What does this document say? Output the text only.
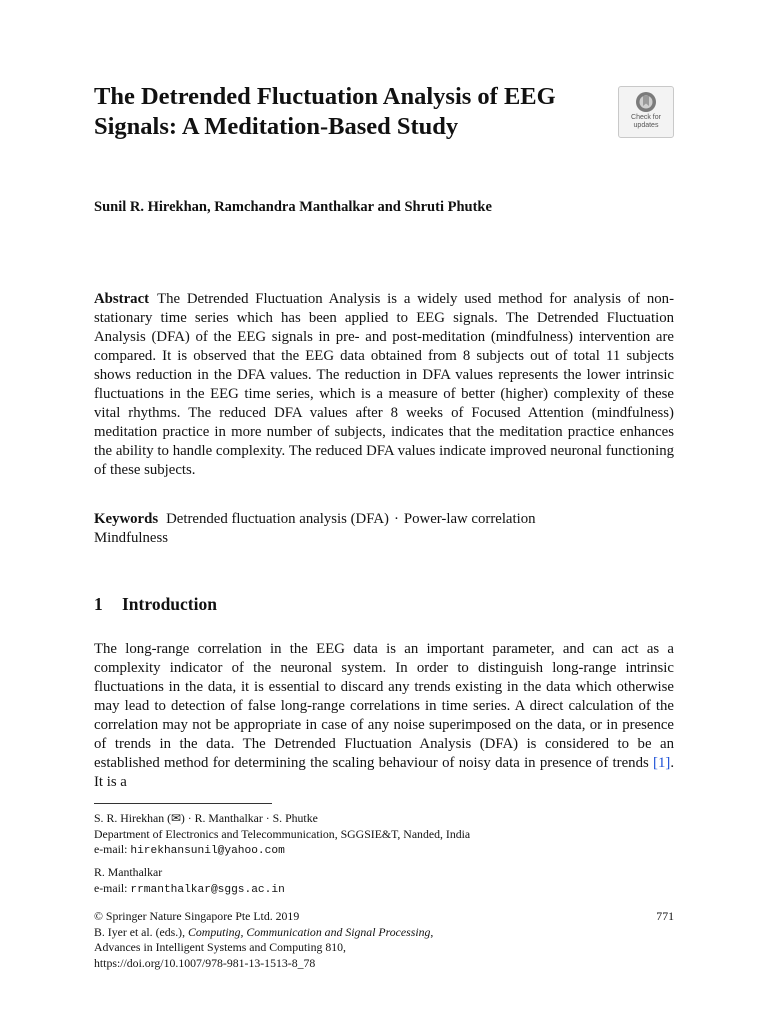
The Detrended Fluctuation Analysis of EEG Signals: A Meditation-Based Study	Check for
updates
Sunil R. Hirekhan, Ramchandra Manthalkar and Shruti Phutke
Abstract The Detrended Fluctuation Analysis is a widely used method for analysis of non-stationary time series which has been applied to EEG signals. The Detrended Fluctuation Analysis (DFA) of the EEG signals in pre- and post-meditation (mindfulness) intervention are compared. It is observed that the EEG data obtained from 8 subjects out of total 11 subjects shows reduction in the DFA values. The reduction in DFA values represents the lower intrinsic fluctuations in the EEG time series, which is a measure of better (higher) complexity of these vital rhythms. The reduced DFA values after 8 weeks of Focused Attention (mindfulness) meditation practice in more number of subjects, indicates that the meditation practice enhances the ability to handle complexity. The reduced DFA values indicate improved neuronal functioning of these subjects.
Keywords Detrended fluctuation analysis (DFA) · Power-law correlation
Mindfulness
1 Introduction
The long-range correlation in the EEG data is an important parameter, and can act as a complexity indicator of the neuronal system. In order to distinguish long-range intrinsic fluctuations in the data, it is essential to discard any trends existing in the data which otherwise may lead to detection of false long-range correlations in time series. A direct calculation of the correlation may not be appropriate in case of any noise superimposed on the data, or in presence of trends in the data. The Detrended Fluctuation Analysis (DFA) is considered to be an established method for determining the scaling behaviour of noisy data in presence of trends [1]. It is a
S. R. Hirekhan (✉) · R. Manthalkar · S. Phutke
Department of Electronics and Telecommunication, SGGSIE&T, Nanded, India
e-mail: hirekhansunil@yahoo.com
R. Manthalkar
e-mail: rrmanthalkar@sggs.ac.in
© Springer Nature Singapore Pte Ltd. 2019
B. Iyer et al. (eds.), Computing, Communication and Signal Processing,
Advances in Intelligent Systems and Computing 810,
https://doi.org/10.1007/978-981-13-1513-8_78
771
